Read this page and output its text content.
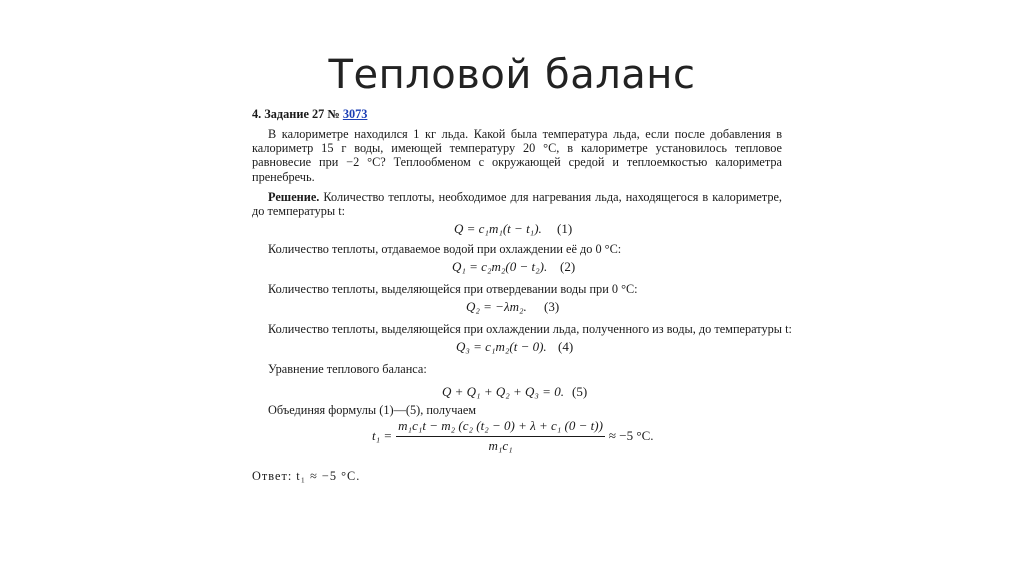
Тепловой баланс
4. Задание 27 № 3073

В калориметре находился 1 кг льда. Какой была температура льда, если после добавления в калориметр 15 г воды, имеющей температуру 20 °C, в калориметре установилось тепловое равновесие при −2 °C? Теплообменом с окружающей средой и теплоемкостью калориметра пренебречь.

Решение. Количество теплоты, необходимое для нагревания льда, находящегося в калориметре, до температуры t:

Q = c₁m₁(t − t₁). (1)
Количество теплоты, отдаваемое водой при охлаждении её до 0 °C:
Q₁ = c₂m₂(0 − t₂). (2)
Количество теплоты, выделяющейся при отвердевании воды при 0 °C:
Q₂ = −λm₂. (3)
Количество теплоты, выделяющейся при охлаждении льда, полученного из воды, до температуры t:
Q₃ = c₁m₂(t − 0). (4)
Уравнение теплового баланса:
Q + Q₁ + Q₂ + Q₃ = 0. (5)
Объединяя формулы (1)—(5), получаем
$t_1 = \frac{\text{m₁c₁t − m₂ (c₂ (t₂ − 0) + λ + c₁ (0 − t))}}{\text{m₁c₁}} \approx -5$ °C.
Ответ: t₁ ≈ −5 °C.
